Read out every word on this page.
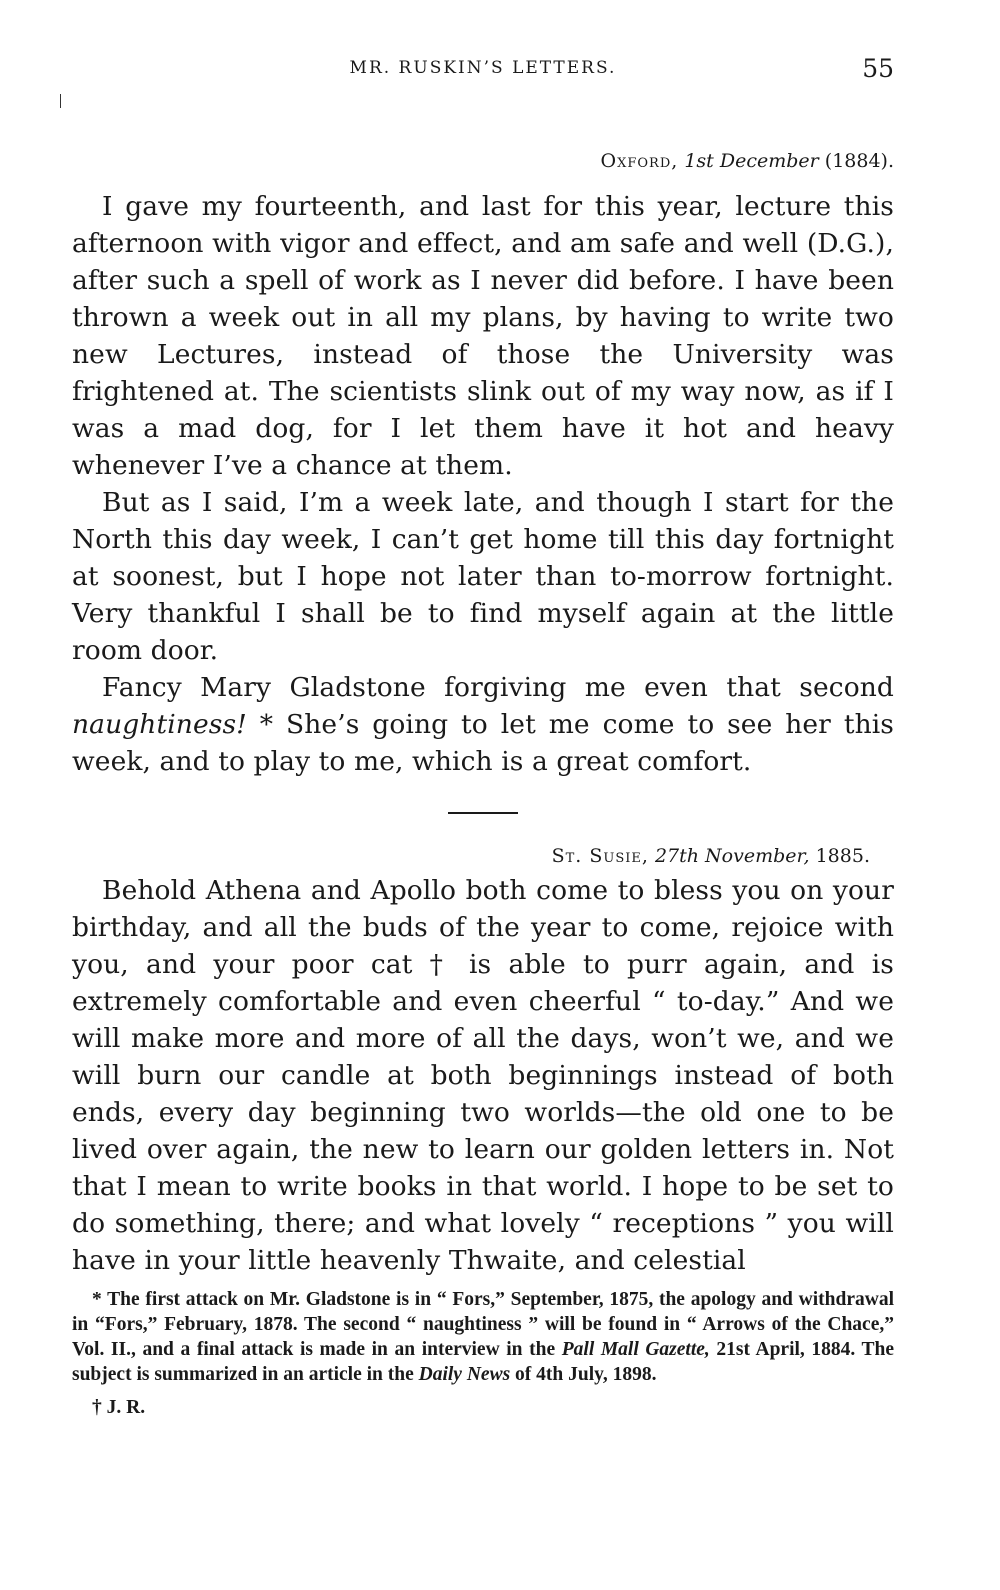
MR. RUSKIN’S LETTERS.	55

Oxford, 1st December (1884).

I gave my fourteenth, and last for this year, lecture this afternoon with vigor and effect, and am safe and well (D.G.), after such a spell of work as I never did before. I have been thrown a week out in all my plans, by having to write two new Lectures, instead of those the University was frightened at. The scientists slink out of my way now, as if I was a mad dog, for I let them have it hot and heavy whenever I’ve a chance at them.

But as I said, I’m a week late, and though I start for the North this day week, I can’t get home till this day fortnight at soonest, but I hope not later than to-morrow fortnight. Very thankful I shall be to find myself again at the little room door.

Fancy Mary Gladstone forgiving me even that second naughtiness! * She’s going to let me come to see her this week, and to play to me, which is a great comfort.

St. Susie, 27th November, 1885.

Behold Athena and Apollo both come to bless you on your birthday, and all the buds of the year to come, rejoice with you, and your poor cat † is able to purr again, and is extremely comfortable and even cheerful “ to-day.” And we will make more and more of all the days, won’t we, and we will burn our candle at both beginnings instead of both ends, every day beginning two worlds—the old one to be lived over again, the new to learn our golden letters in. Not that I mean to write books in that world. I hope to be set to do something, there; and what lovely “ receptions ” you will have in your little heavenly Thwaite, and celestial

* The first attack on Mr. Gladstone is in “ Fors,” September, 1875, the apology and withdrawal in “Fors,” February, 1878. The second “ naughtiness ” will be found in “ Arrows of the Chace,” Vol. II., and a final attack is made in an interview in the Pall Mall Gazette, 21st April, 1884. The subject is summarized in an article in the Daily News of 4th July, 1898.

† J. R.
